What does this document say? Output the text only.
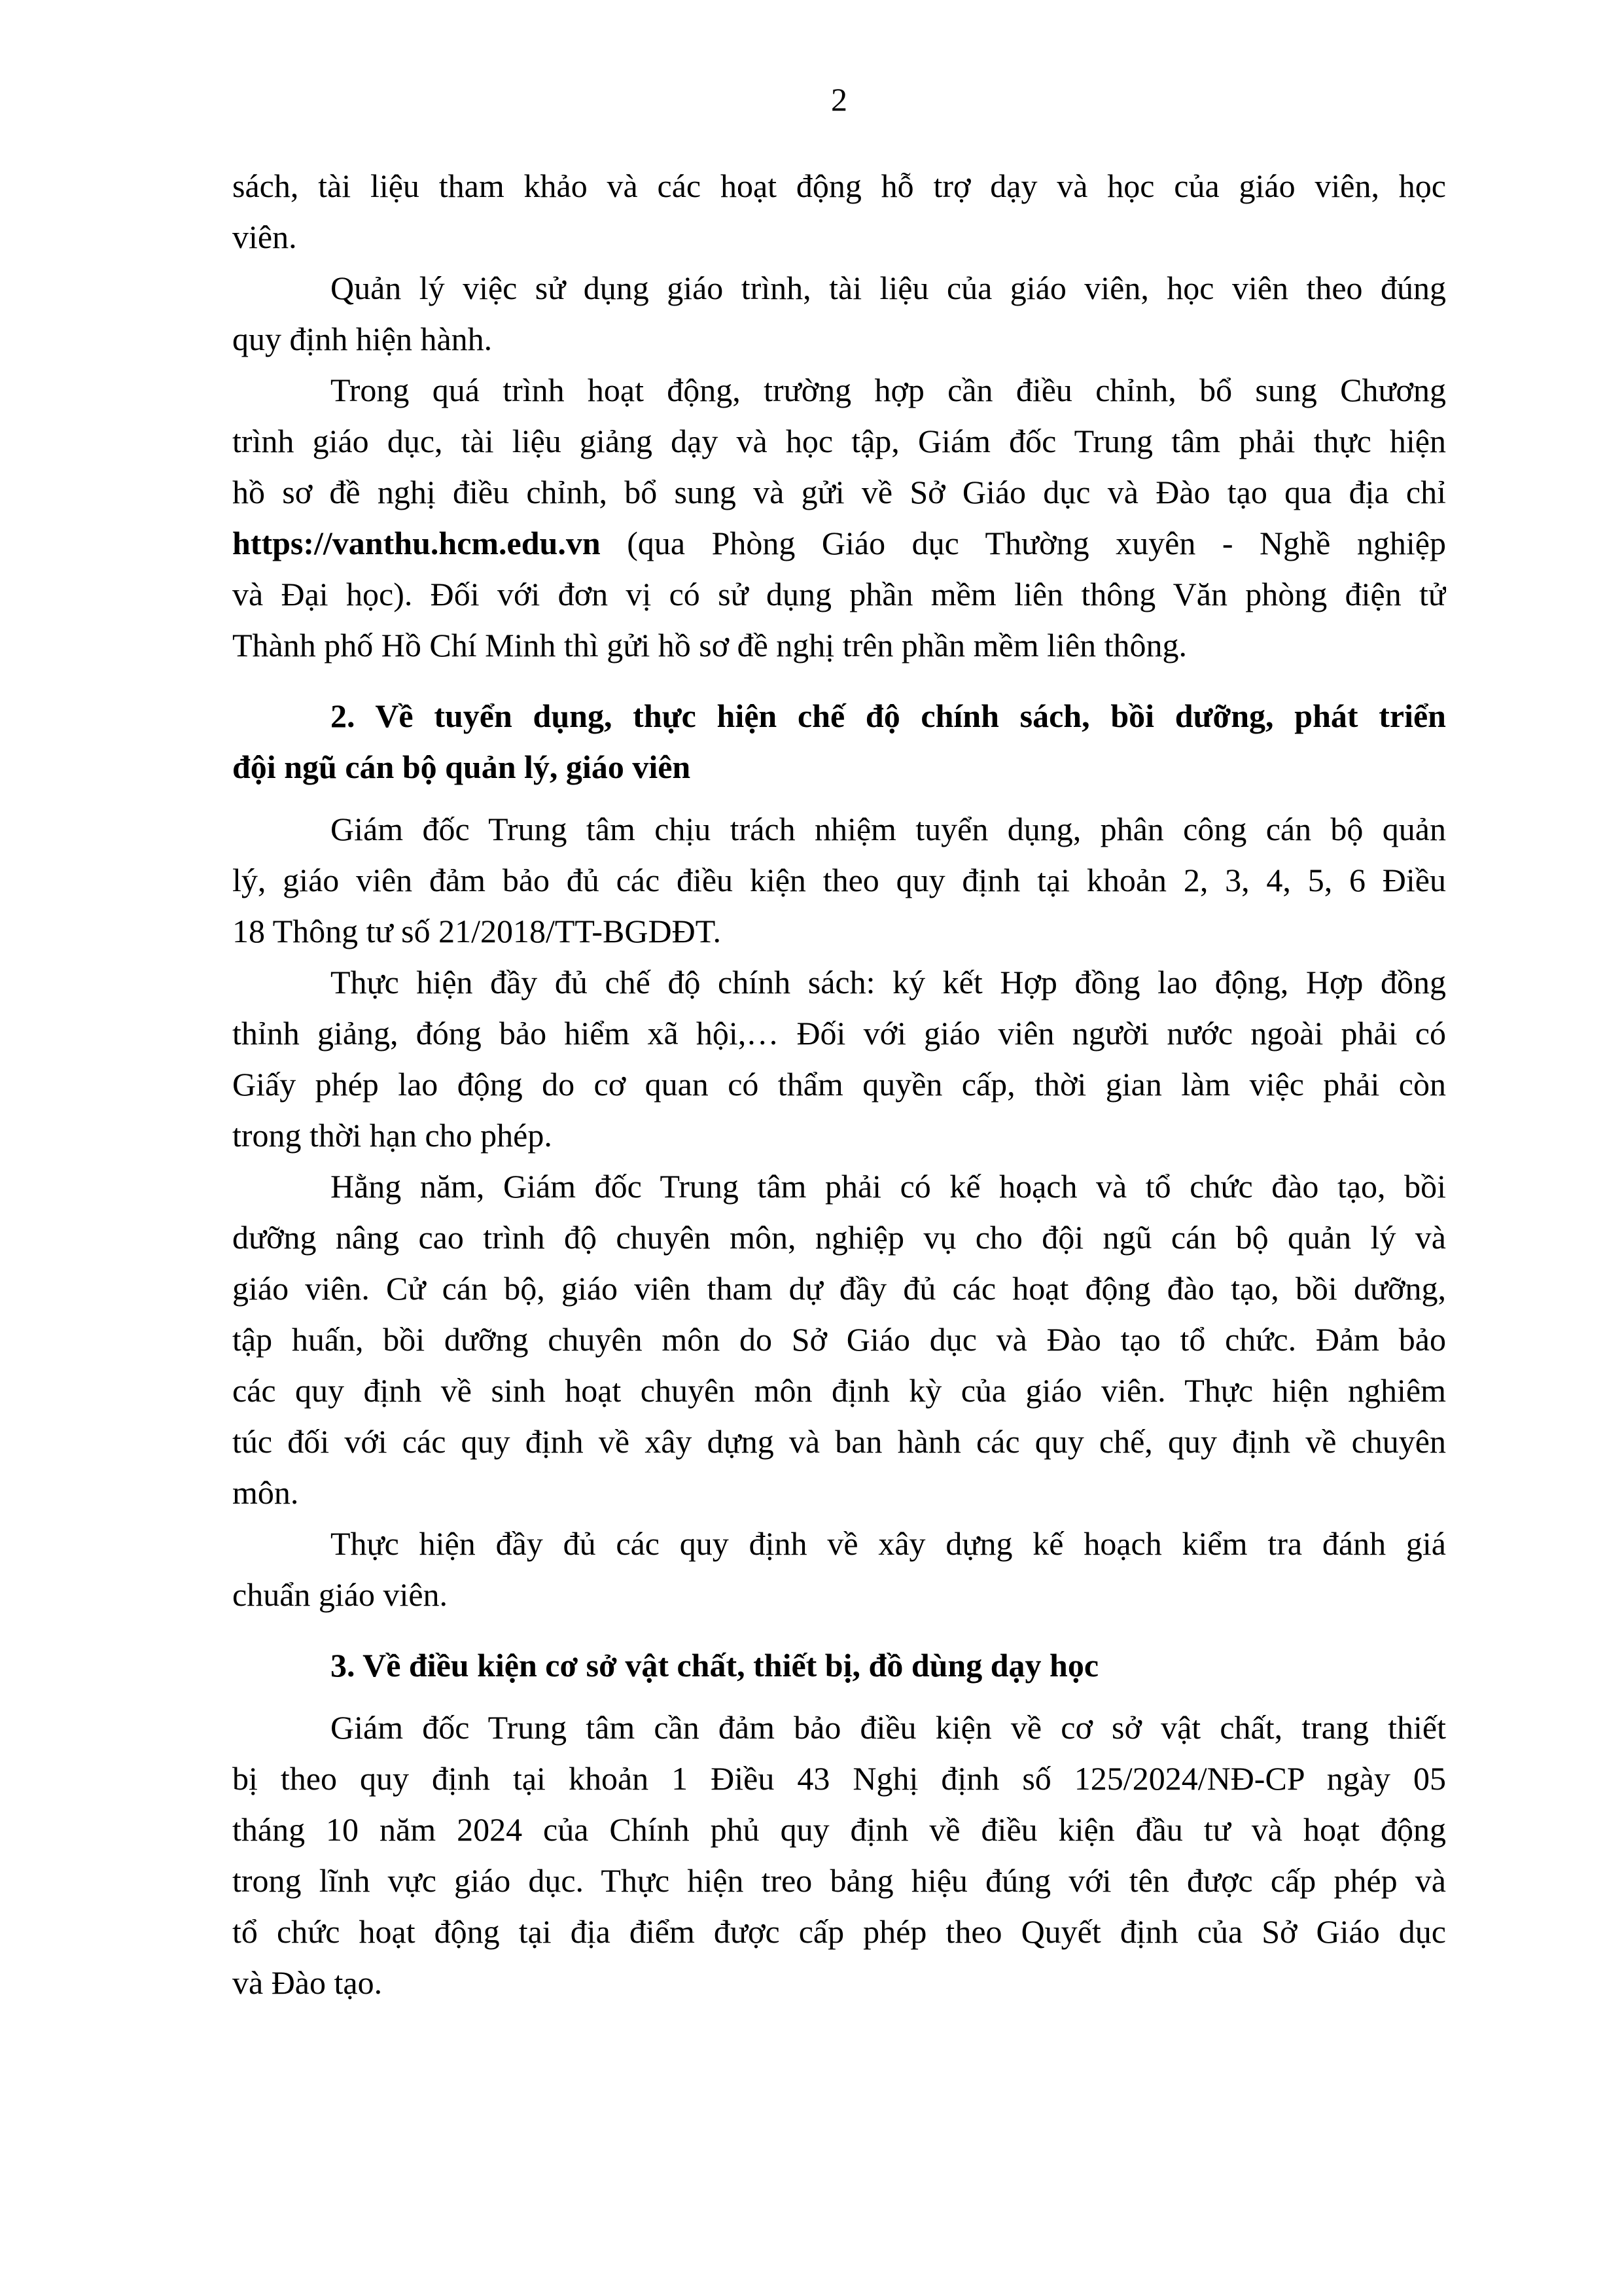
2
sách, tài liệu tham khảo và các hoạt động hỗ trợ dạy và học của giáo viên, học
viên.
Quản lý việc sử dụng giáo trình, tài liệu của giáo viên, học viên theo đúng
quy định hiện hành.
Trong quá trình hoạt động, trường hợp cần điều chỉnh, bổ sung Chương
trình giáo dục, tài liệu giảng dạy và học tập, Giám đốc Trung tâm phải thực hiện
hồ sơ đề nghị điều chỉnh, bổ sung và gửi về Sở Giáo dục và Đào tạo qua địa chỉ
https://vanthu.hcm.edu.vn (qua Phòng Giáo dục Thường xuyên - Nghề nghiệp
và Đại học). Đối với đơn vị có sử dụng phần mềm liên thông Văn phòng điện tử
Thành phố Hồ Chí Minh thì gửi hồ sơ đề nghị trên phần mềm liên thông.
2. Về tuyển dụng, thực hiện chế độ chính sách, bồi dưỡng, phát triển
đội ngũ cán bộ quản lý, giáo viên
Giám đốc Trung tâm chịu trách nhiệm tuyển dụng, phân công cán bộ quản
lý, giáo viên đảm bảo đủ các điều kiện theo quy định tại khoản 2, 3, 4, 5, 6 Điều
18 Thông tư số 21/2018/TT-BGDĐT.
Thực hiện đầy đủ chế độ chính sách: ký kết Hợp đồng lao động, Hợp đồng
thỉnh giảng, đóng bảo hiểm xã hội,… Đối với giáo viên người nước ngoài phải có
Giấy phép lao động do cơ quan có thẩm quyền cấp, thời gian làm việc phải còn
trong thời hạn cho phép.
Hằng năm, Giám đốc Trung tâm phải có kế hoạch và tổ chức đào tạo, bồi
dưỡng nâng cao trình độ chuyên môn, nghiệp vụ cho đội ngũ cán bộ quản lý và
giáo viên. Cử cán bộ, giáo viên tham dự đầy đủ các hoạt động đào tạo, bồi dưỡng,
tập huấn, bồi dưỡng chuyên môn do Sở Giáo dục và Đào tạo tổ chức. Đảm bảo
các quy định về sinh hoạt chuyên môn định kỳ của giáo viên. Thực hiện nghiêm
túc đối với các quy định về xây dựng và ban hành các quy chế, quy định về chuyên
môn.
Thực hiện đầy đủ các quy định về xây dựng kế hoạch kiểm tra đánh giá
chuẩn giáo viên.
3. Về điều kiện cơ sở vật chất, thiết bị, đồ dùng dạy học
Giám đốc Trung tâm cần đảm bảo điều kiện về cơ sở vật chất, trang thiết
bị theo quy định tại khoản 1 Điều 43 Nghị định số 125/2024/NĐ-CP ngày 05
tháng 10 năm 2024 của Chính phủ quy định về điều kiện đầu tư và hoạt động
trong lĩnh vực giáo dục. Thực hiện treo bảng hiệu đúng với tên được cấp phép và
tổ chức hoạt động tại địa điểm được cấp phép theo Quyết định của Sở Giáo dục
và Đào tạo.
